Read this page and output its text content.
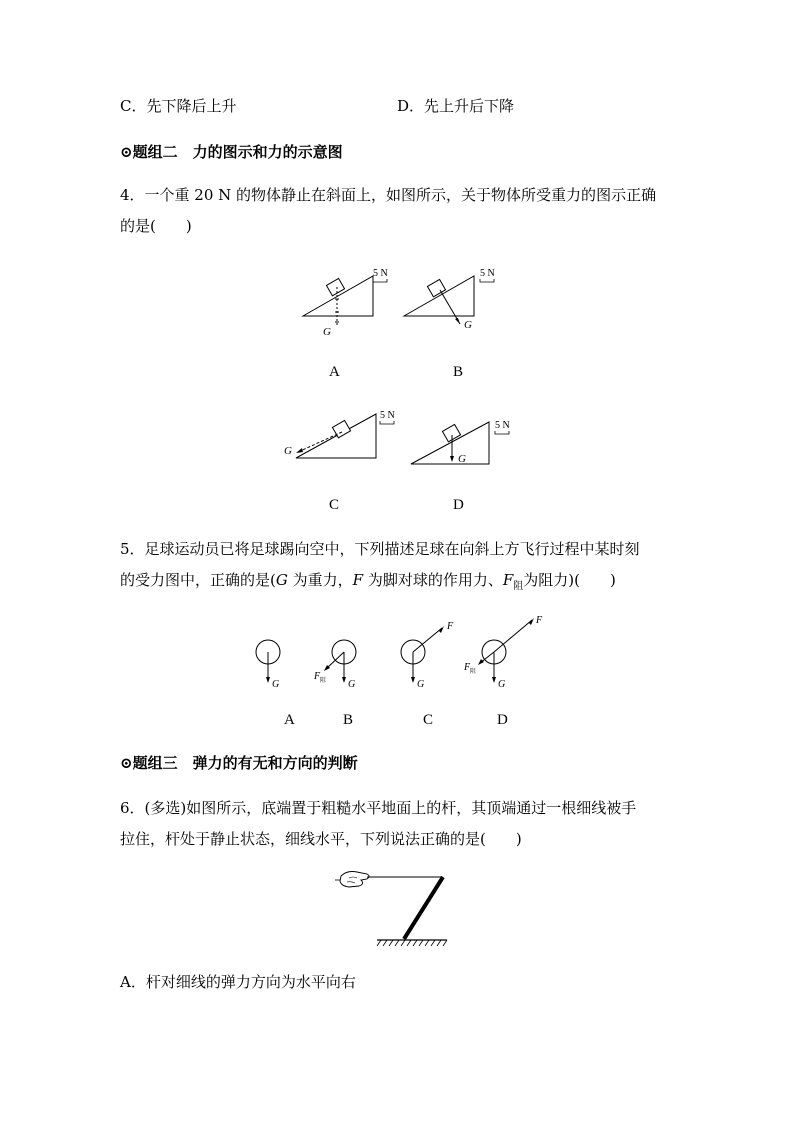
C．先下降后上升	D．先上升后下降
⊙题组二　力的图示和力的示意图
4．一个重 20 N 的物体静止在斜面上，如图所示，关于物体所受重力的图示正确
的是(　　)
G
5 N
A
G
5 N
B
G
5 N
C
G
5 N
D
5．足球运动员已将足球踢向空中，下列描述足球在向斜上方飞行过程中某时刻
的受力图中，正确的是(G 为重力，F 为脚对球的作用力、$F_阻$为阻力)(　　)
G
A
G
F 阻
B
G
F
C
G
F
F 阻
D
⊙题组三　弹力的有无和方向的判断
6．(多选)如图所示，底端置于粗糙水平地面上的杆，其顶端通过一根细线被手
拉住，杆处于静止状态，细线水平，下列说法正确的是(　　)
A．杆对细线的弹力方向为水平向右
